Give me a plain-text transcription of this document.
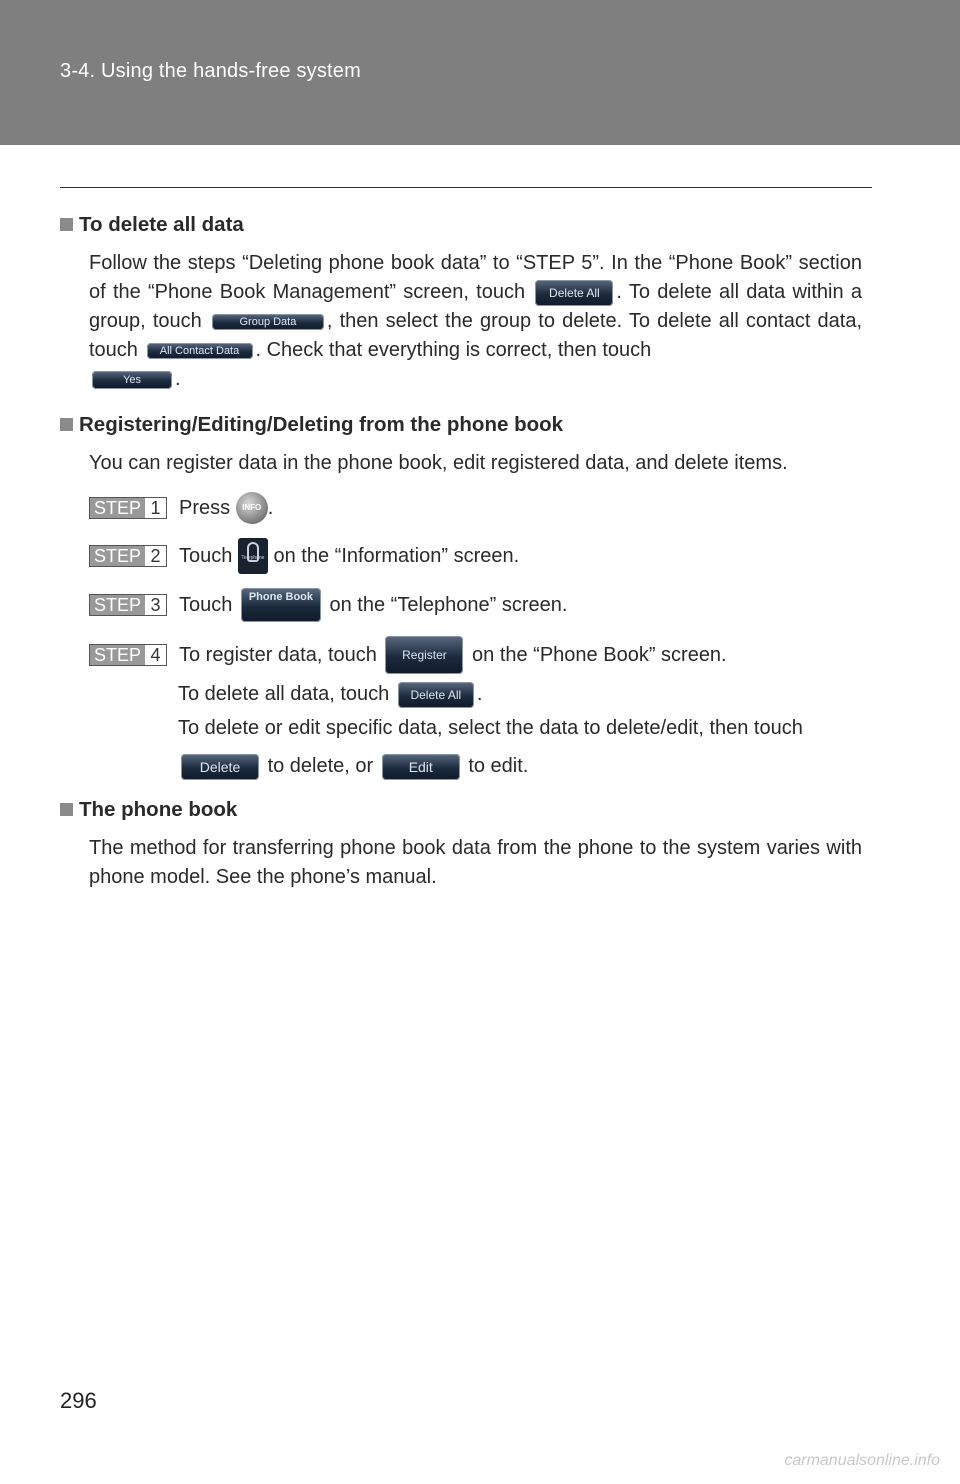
3-4. Using the hands-free system
To delete all data
Follow the steps “Deleting phone book data” to “STEP 5”. In the “Phone Book” section of the “Phone Book Management” screen, touch Delete All . To delete all data within a group, touch	Group Data , then select the group to delete. To delete all contact data, touch All Contact Data . Check that everything is correct, then touch
Yes .
Registering/Editing/Deleting from the phone book
You can register data in the phone book, edit registered data, and delete items.
STEP 1 Press
	INFO .
STEP 2 Touch
	Telephone
on the “Information” screen.
STEP 3 Touch
	Phone Book
on the “Telephone” screen.
STEP 4 To register data, touch
	Register
	on the “Phone Book” screen.
To delete all data, touch Delete All .
To delete or edit specific data, select the data to delete/edit, then touch
Delete to delete, or	Edit to edit.
The phone book
The method for transferring phone book data from the phone to the system varies with phone model. See the phone’s manual.
296
carmanualsonline.info
